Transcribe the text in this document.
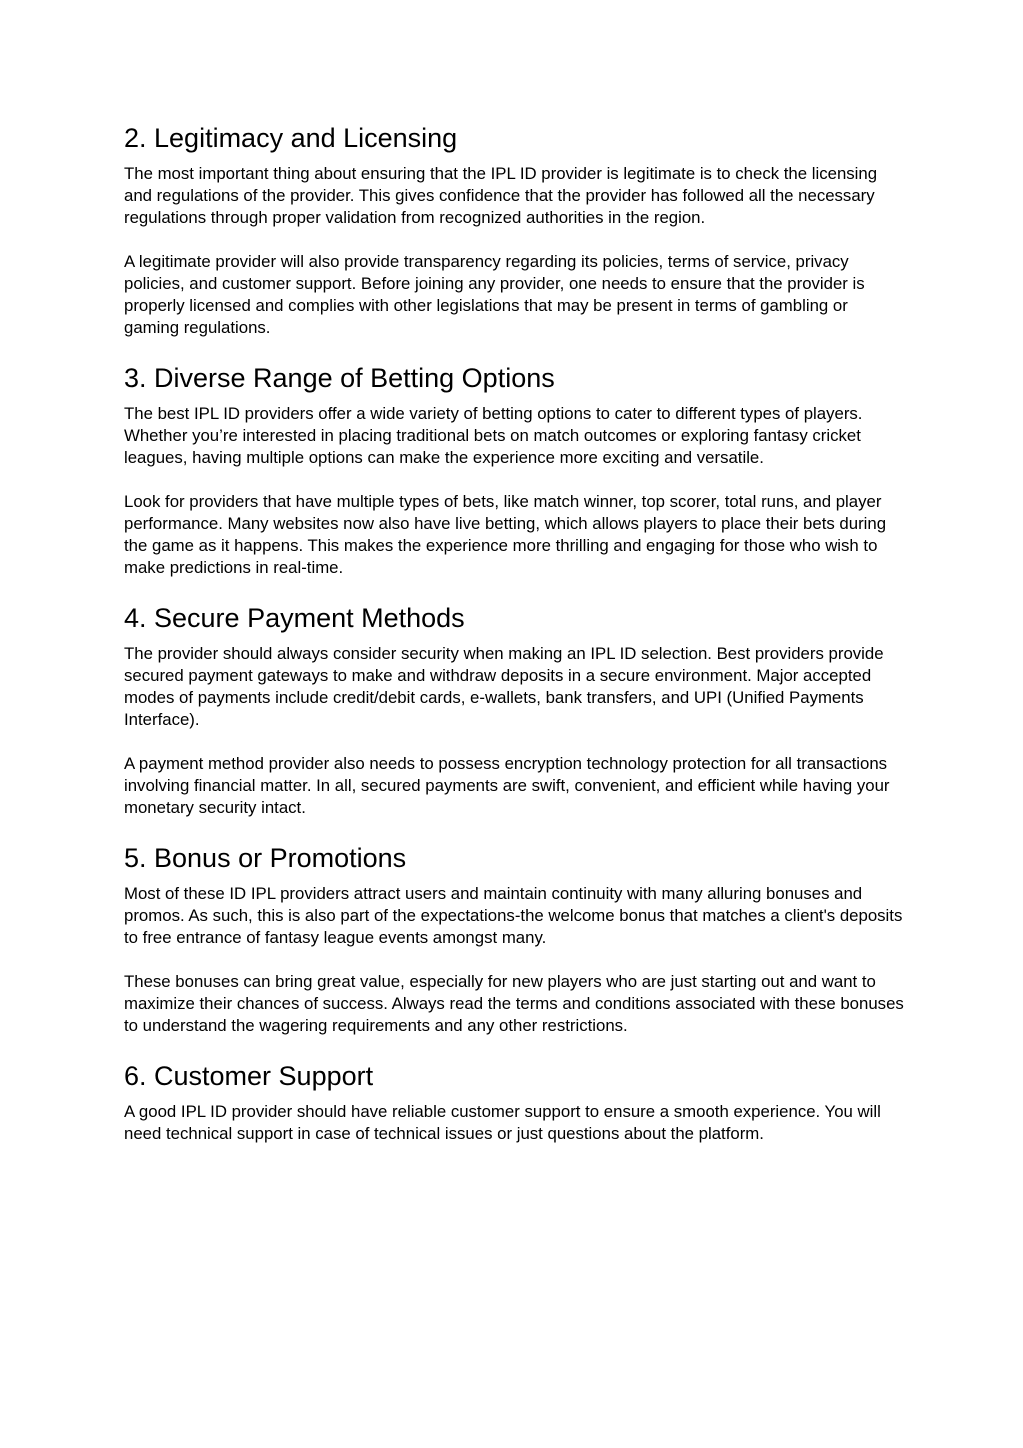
2. Legitimacy and Licensing

The most important thing about ensuring that the IPL ID provider is legitimate is to check the licensing and regulations of the provider. This gives confidence that the provider has followed all the necessary regulations through proper validation from recognized authorities in the region.

A legitimate provider will also provide transparency regarding its policies, terms of service, privacy policies, and customer support. Before joining any provider, one needs to ensure that the provider is properly licensed and complies with other legislations that may be present in terms of gambling or gaming regulations.

3. Diverse Range of Betting Options

The best IPL ID providers offer a wide variety of betting options to cater to different types of players. Whether you’re interested in placing traditional bets on match outcomes or exploring fantasy cricket leagues, having multiple options can make the experience more exciting and versatile.

Look for providers that have multiple types of bets, like match winner, top scorer, total runs, and player performance. Many websites now also have live betting, which allows players to place their bets during the game as it happens. This makes the experience more thrilling and engaging for those who wish to make predictions in real-time.

4. Secure Payment Methods

The provider should always consider security when making an IPL ID selection. Best providers provide secured payment gateways to make and withdraw deposits in a secure environment. Major accepted modes of payments include credit/debit cards, e-wallets, bank transfers, and UPI (Unified Payments Interface).

A payment method provider also needs to possess encryption technology protection for all transactions involving financial matter. In all, secured payments are swift, convenient, and efficient while having your monetary security intact.

5. Bonus or Promotions

Most of these ID IPL providers attract users and maintain continuity with many alluring bonuses and promos. As such, this is also part of the expectations-the welcome bonus that matches a client's deposits to free entrance of fantasy league events amongst many.

These bonuses can bring great value, especially for new players who are just starting out and want to maximize their chances of success. Always read the terms and conditions associated with these bonuses to understand the wagering requirements and any other restrictions.

6. Customer Support

A good IPL ID provider should have reliable customer support to ensure a smooth experience. You will need technical support in case of technical issues or just questions about the platform.
